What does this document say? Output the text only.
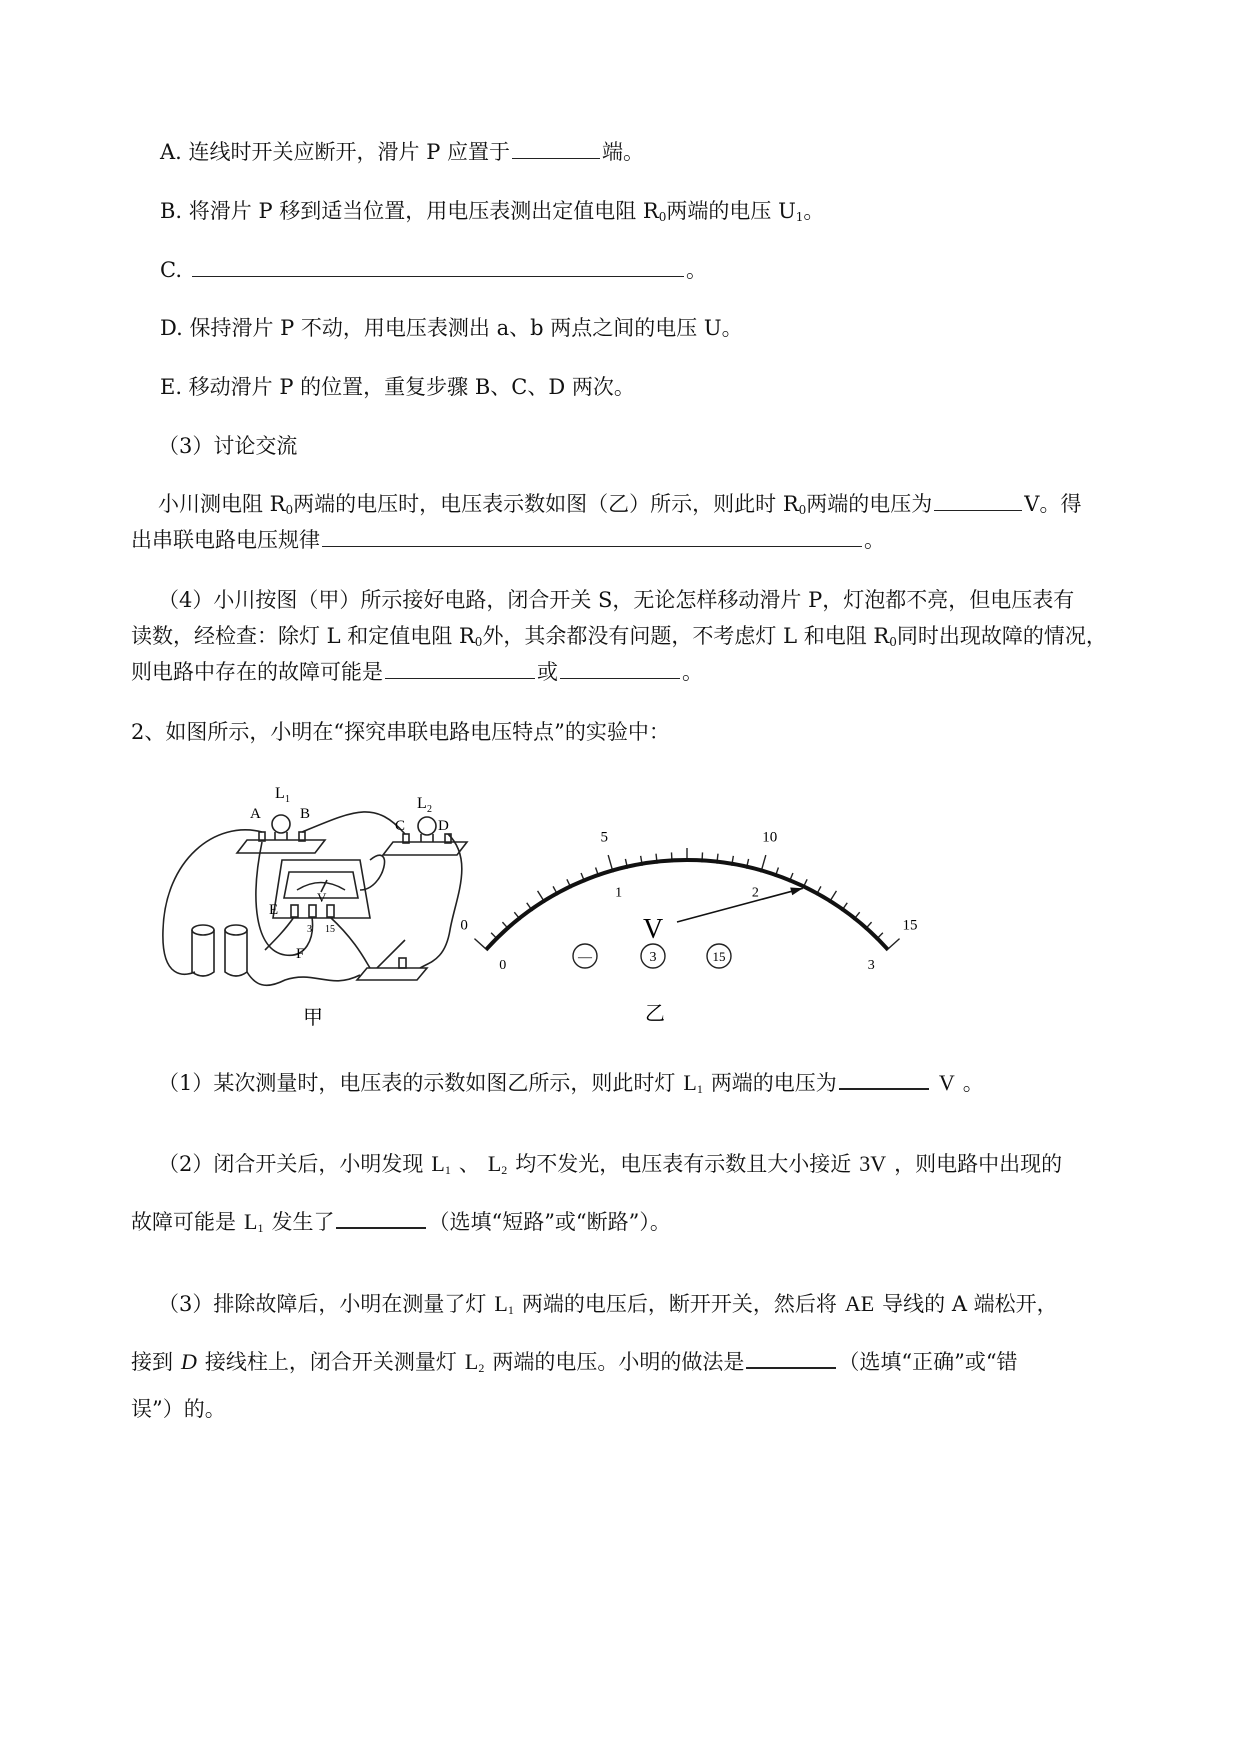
A. 连线时开关应断开，滑片 P 应置于	端。
B. 将滑片 P 移到适当位置，用电压表测出定值电阻 $R_0$两端的电压 $U_1$。
C.	。
D. 保持滑片 P 不动，用电压表测出 a、b 两点之间的电压 U。
E. 移动滑片 P 的位置，重复步骤 B、C、D 两次。
（3）讨论交流
小川测电阻 $R_0$两端的电压时，电压表示数如图（乙）所示，则此时 $R_0$两端的电压为	V。得
出串联电路电压规律	。
（4）小川按图（甲）所示接好电路，闭合开关 S，无论怎样移动滑片 P，灯泡都不亮，但电压表有
读数，经检查：除灯 L 和定值电阻 $R_0$外，其余都没有问题，不考虑灯 L 和电阻 $R_0$同时出现故障的情况，
则电路中存在的故障可能是	或	。
2、如图所示，小明在“探究串联电路电压特点”的实验中：
L 1
A	B
L 2
C D
V
E
3 15
F
甲
0
5	10
15
0
1	2
3
V
—	3	15
乙
（1）某次测量时，电压表的示数如图乙所示，则此时灯 $L_1$ 两端的电压为	V 。
（2）闭合开关后，小明发现 $L_1$ 、 $L_2$ 均不发光，电压表有示数且大小接近 3V ，则电路中出现的
故障可能是 $L_1$ 发生了	（选填“短路”或“断路”）。
（3）排除故障后，小明在测量了灯 $L_1$ 两端的电压后，断开开关，然后将 AE 导线的 A 端松开，
接到 D 接线柱上，闭合开关测量灯 $L_2$ 两端的电压。小明的做法是	（选填“正确”或“错
误”）的。
